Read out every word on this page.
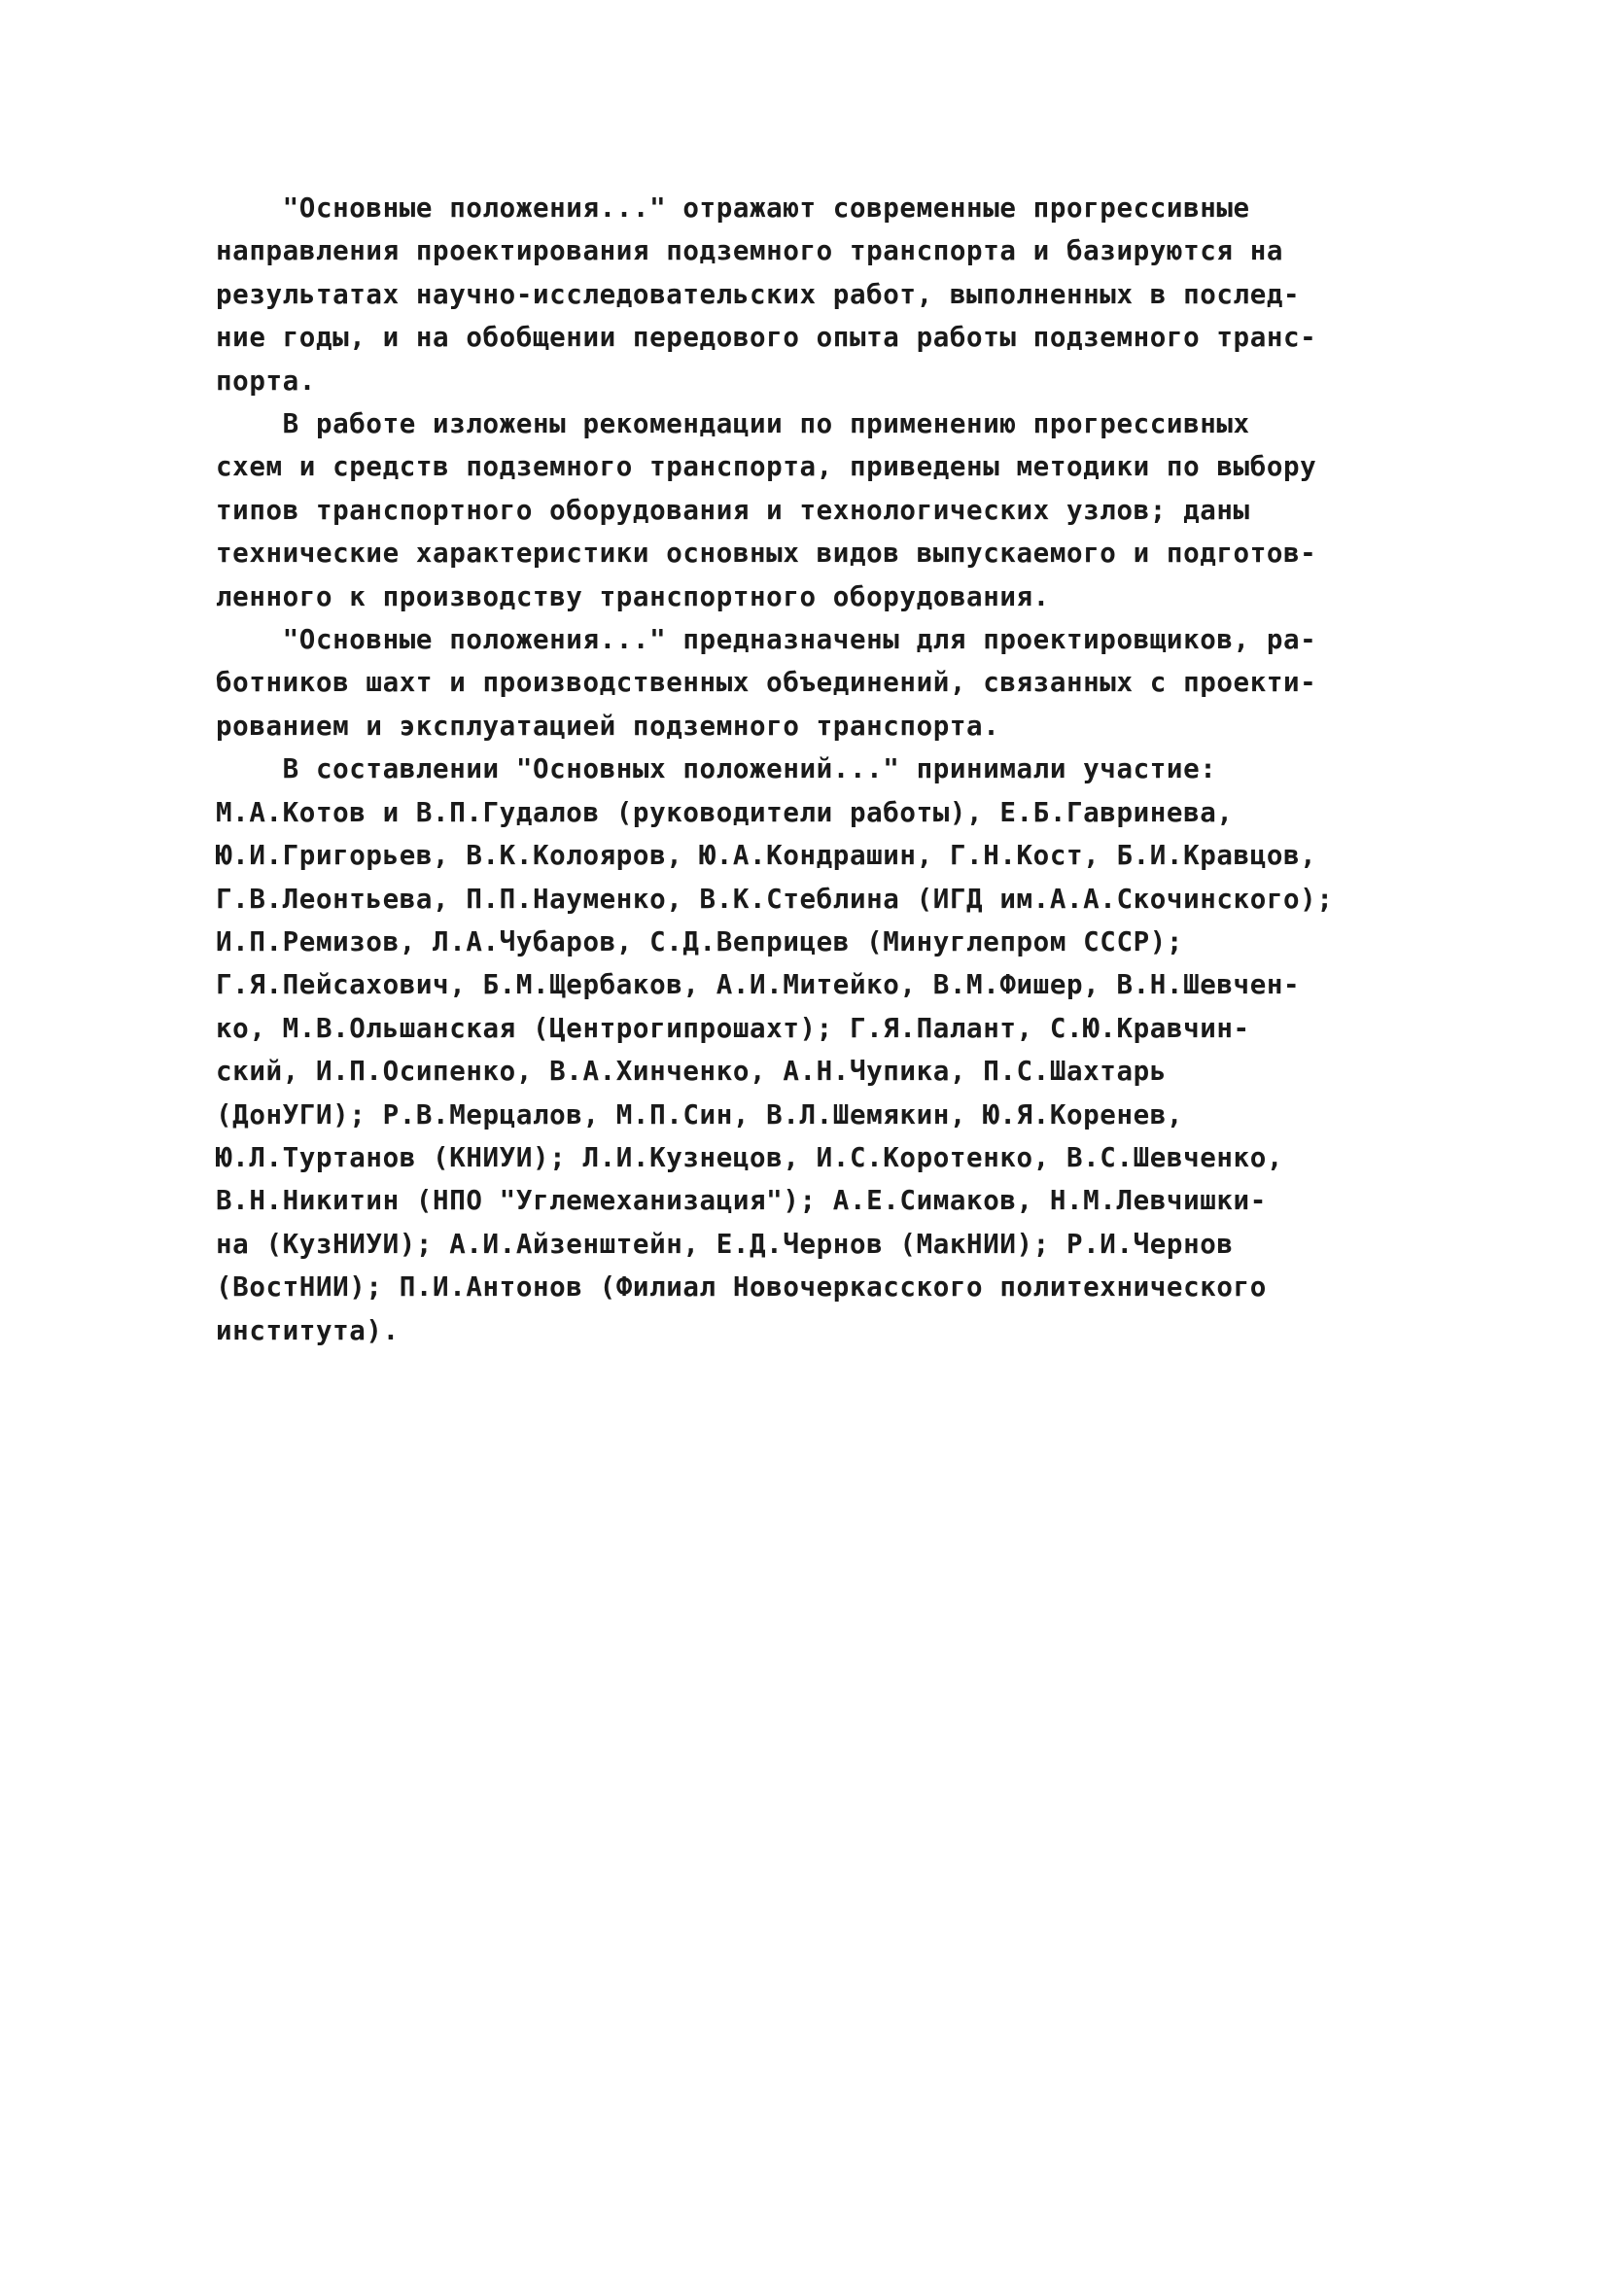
"Основные положения..." отражают современные прогрессивные
направления проектирования подземного транспорта и базируются на
результатах научно-исследовательских работ, выполненных в послед-
ние годы, и на обобщении передового опыта работы подземного транс-
порта.

В работе изложены рекомендации по применению прогрессивных
схем и средств подземного транспорта, приведены методики по выбору
типов транспортного оборудования и технологических узлов; даны
технические характеристики основных видов выпускаемого и подготов-
ленного к производству транспортного оборудования.

"Основные положения..." предназначены для проектировщиков, ра-
ботников шахт и производственных объединений, связанных с проекти-
рованием и эксплуатацией подземного транспорта.

В составлении "Основных положений..." принимали участие:
М.А.Котов и В.П.Гудалов (руководители работы), Е.Б.Гавринева,
Ю.И.Григорьев, В.К.Колояров, Ю.А.Кондрашин, Г.Н.Кост, Б.И.Кравцов,
Г.В.Леонтьева, П.П.Науменко, В.К.Стеблина (ИГД им.А.А.Скочинского);
И.П.Ремизов, Л.А.Чубаров, С.Д.Веприцев (Минуглепром СССР);
Г.Я.Пейсахович, Б.М.Щербаков, А.И.Митейко, В.М.Фишер, В.Н.Шевчен-
ко, М.В.Ольшанская (Центрогипрошахт); Г.Я.Палант, С.Ю.Кравчин-
ский, И.П.Осипенко, В.А.Хинченко, А.Н.Чупика, П.С.Шахтарь
(ДонУГИ); Р.В.Мерцалов, М.П.Син, В.Л.Шемякин, Ю.Я.Коренев,
Ю.Л.Туртанов (КНИУИ); Л.И.Кузнецов, И.С.Коротенко, В.С.Шевченко,
В.Н.Никитин (НПО "Углемеханизация"); А.Е.Симаков, Н.М.Левчишки-
на (КузНИУИ); А.И.Айзенштейн, Е.Д.Чернов (МакНИИ); Р.И.Чернов
(ВостНИИ); П.И.Антонов (Филиал Новочеркасского политехнического
института).
